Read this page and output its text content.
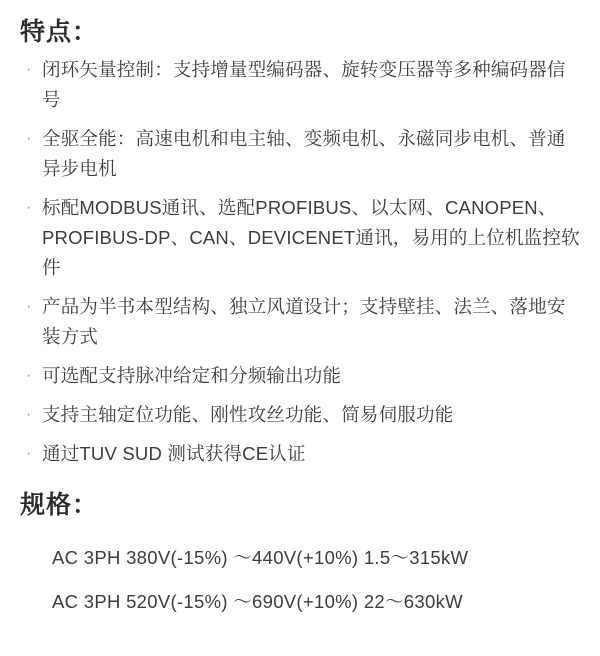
特点：
· 闭环矢量控制：支持增量型编码器、旋转变压器等多种编码器信号
· 全驱全能：高速电机和电主轴、变频电机、永磁同步电机、普通异步电机
· 标配MODBUS通讯、选配PROFIBUS、以太网、CANOPEN、PROFIBUS-DP、CAN、DEVICENET通讯，易用的上位机监控软件
· 产品为半书本型结构、独立风道设计；支持壁挂、法兰、落地安装方式
· 可选配支持脉冲给定和分频输出功能
· 支持主轴定位功能、刚性攻丝功能、简易伺服功能
· 通过TUV SUD 测试获得CE认证
规格：
AC 3PH 380V(-15%) ～440V(+10%) 1.5～315kW
AC 3PH 520V(-15%) ～690V(+10%) 22～630kW
